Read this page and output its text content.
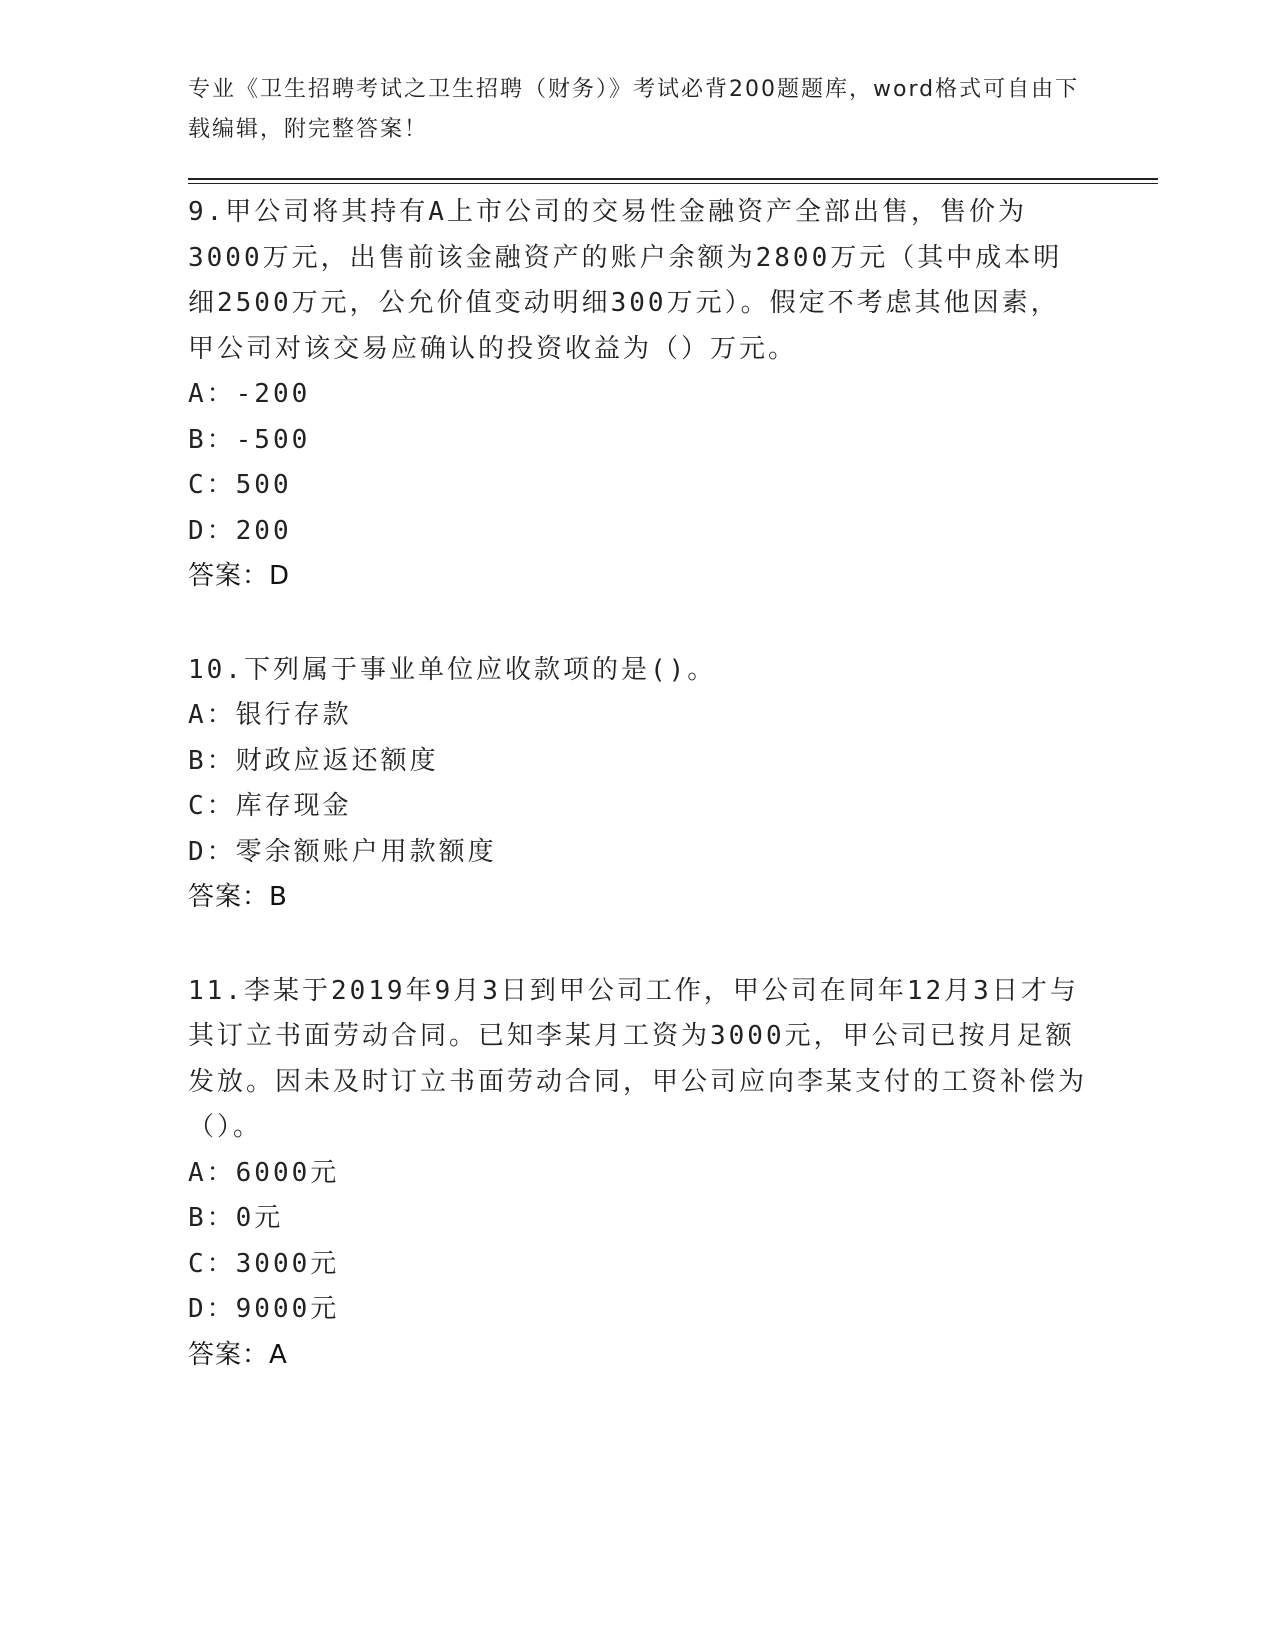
专业《卫生招聘考试之卫生招聘（财务）》考试必背200题题库，word格式可自由下载编辑，附完整答案！

9.甲公司将其持有A上市公司的交易性金融资产全部出售，售价为3000万元，出售前该金融资产的账户余额为2800万元（其中成本明细2500万元，公允价值变动明细300万元）。假定不考虑其他因素，甲公司对该交易应确认的投资收益为（）万元。

A：-200

B：-500

C：500

D：200

答案：D

10.下列属于事业单位应收款项的是()。

A：银行存款

B：财政应返还额度

C：库存现金

D：零余额账户用款额度

答案：B

11.李某于2019年9月3日到甲公司工作，甲公司在同年12月3日才与其订立书面劳动合同。已知李某月工资为3000元，甲公司已按月足额发放。因未及时订立书面劳动合同，甲公司应向李某支付的工资补偿为（）。

A：6000元

B：0元

C：3000元

D：9000元

答案：A
